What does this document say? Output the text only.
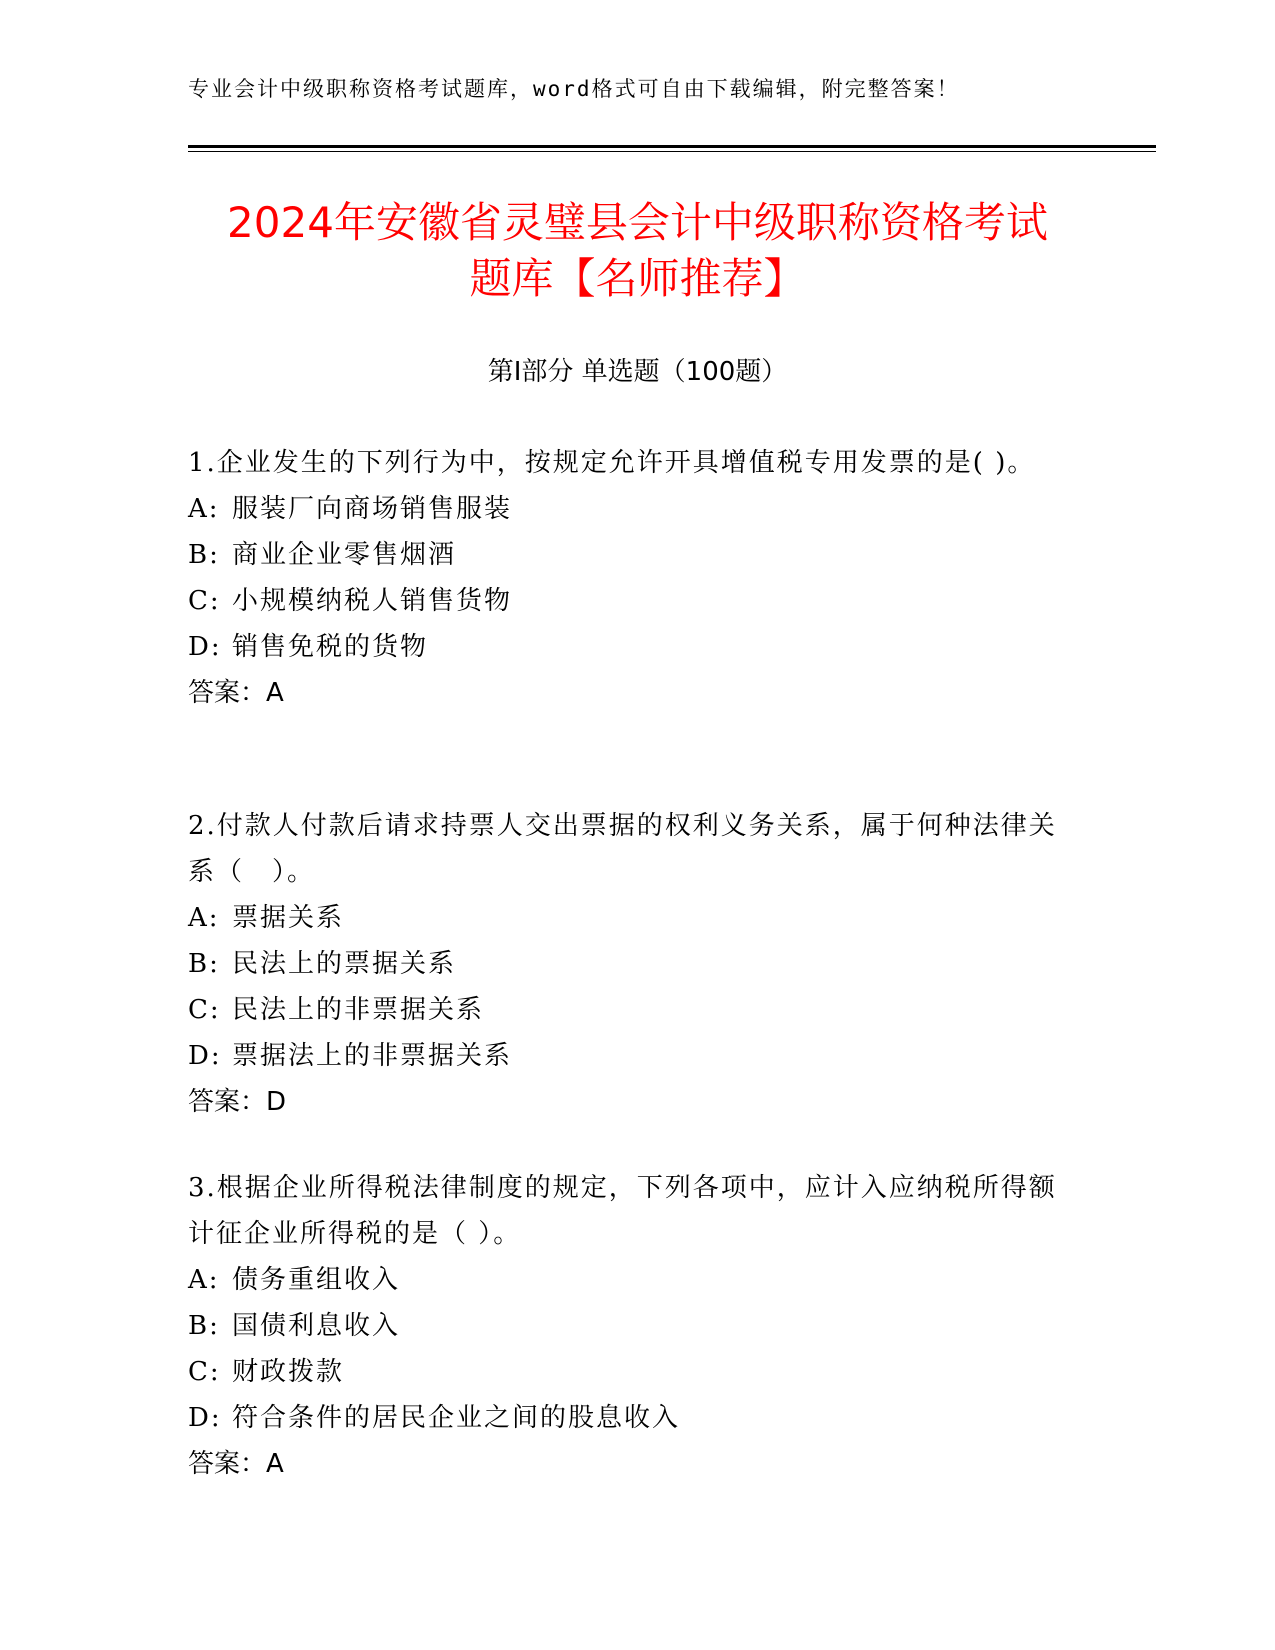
专业会计中级职称资格考试题库，word格式可自由下载编辑，附完整答案！
2024年安徽省灵璧县会计中级职称资格考试
题库【名师推荐】
第Ⅰ部分 单选题（100题）

1.企业发生的下列行为中，按规定允许开具增值税专用发票的是( )。

A: 服装厂向商场销售服装

B: 商业企业零售烟酒

C: 小规模纳税人销售货物

D: 销售免税的货物

答案：A

2.付款人付款后请求持票人交出票据的权利义务关系，属于何种法律关系（　）。

A: 票据关系

B: 民法上的票据关系

C: 民法上的非票据关系

D: 票据法上的非票据关系

答案：D

3.根据企业所得税法律制度的规定，下列各项中，应计入应纳税所得额计征企业所得税的是（ ）。

A: 债务重组收入

B: 国债利息收入

C: 财政拨款

D: 符合条件的居民企业之间的股息收入

答案：A
